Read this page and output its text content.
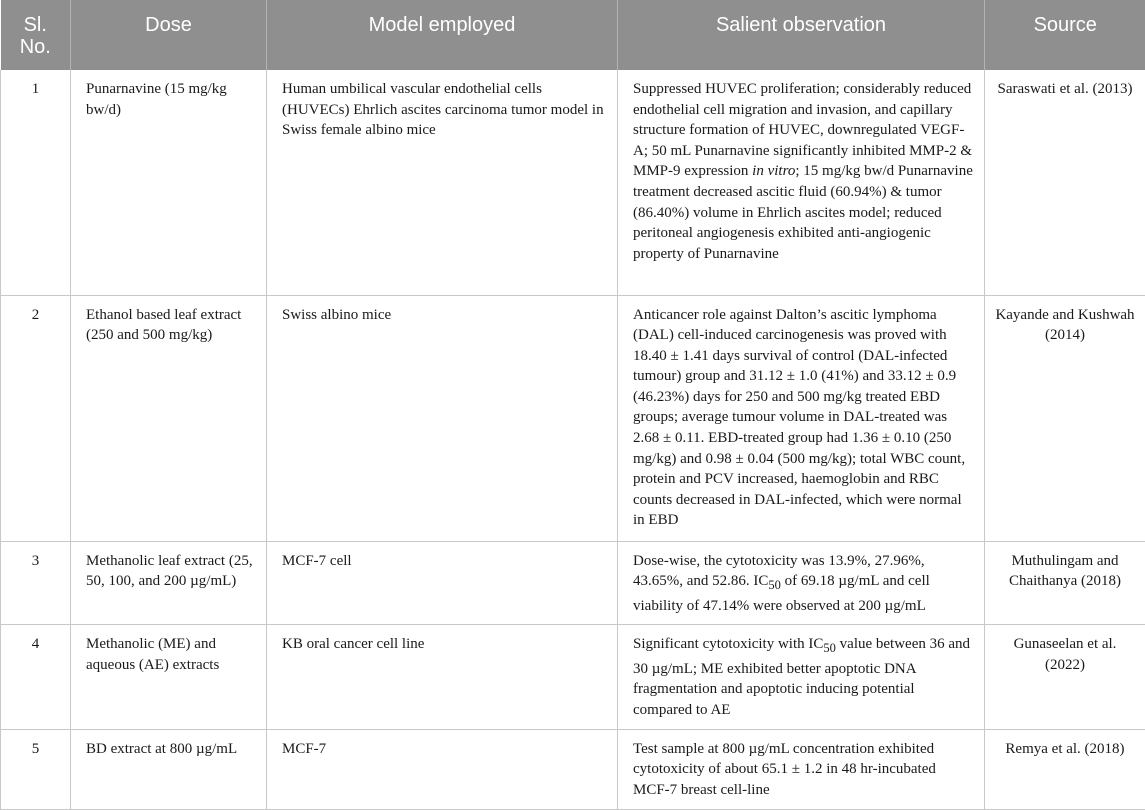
Sl. No.	Dose	Model employed	Salient observation	Source
1	Punarnavine (15 mg/kg bw/d)	Human umbilical vascular endothelial cells (HUVECs) Ehrlich ascites carcinoma tumor model in Swiss female albino mice	Suppressed HUVEC proliferation; considerably reduced endothelial cell migration and invasion, and capillary structure formation of HUVEC, downregulated VEGF-A; 50 mL Punarnavine significantly inhibited MMP-2 & MMP-9 expression in vitro; 15 mg/kg bw/d Punarnavine treatment decreased ascitic fluid (60.94%) & tumor (86.40%) volume in Ehrlich ascites model; reduced peritoneal angiogenesis exhibited anti-angiogenic property of Punarnavine	Saraswati et al. (2013)
2	Ethanol based leaf extract (250 and 500 mg/kg)	Swiss albino mice	Anticancer role against Dalton’s ascitic lymphoma (DAL) cell-induced carcinogenesis was proved with 18.40 ± 1.41 days survival of control (DAL-infected tumour) group and 31.12 ± 1.0 (41%) and 33.12 ± 0.9 (46.23%) days for 250 and 500 mg/kg treated EBD groups; average tumour volume in DAL-treated was 2.68 ± 0.11. EBD-treated group had 1.36 ± 0.10 (250 mg/kg) and 0.98 ± 0.04 (500 mg/kg); total WBC count, protein and PCV increased, haemoglobin and RBC counts decreased in DAL-infected, which were normal in EBD	Kayande and Kushwah (2014)
3	Methanolic leaf extract (25, 50, 100, and 200 µg/mL)	MCF-7 cell	Dose-wise, the cytotoxicity was 13.9%, 27.96%, 43.65%, and 52.86. $IC_{50}$ of 69.18 µg/mL and cell viability of 47.14% were observed at 200 µg/mL	Muthulingam and Chaithanya (2018)
4	Methanolic (ME) and aqueous (AE) extracts	KB oral cancer cell line	Significant cytotoxicity with $IC_{50}$ value between 36 and 30 µg/mL; ME exhibited better apoptotic DNA fragmentation and apoptotic inducing potential compared to AE	Gunaseelan et al. (2022)
5	BD extract at 800 µg/mL	MCF-7	Test sample at 800 µg/mL concentration exhibited cytotoxicity of about 65.1 ± 1.2 in 48 hr-incubated MCF-7 breast cell-line	Remya et al. (2018)
